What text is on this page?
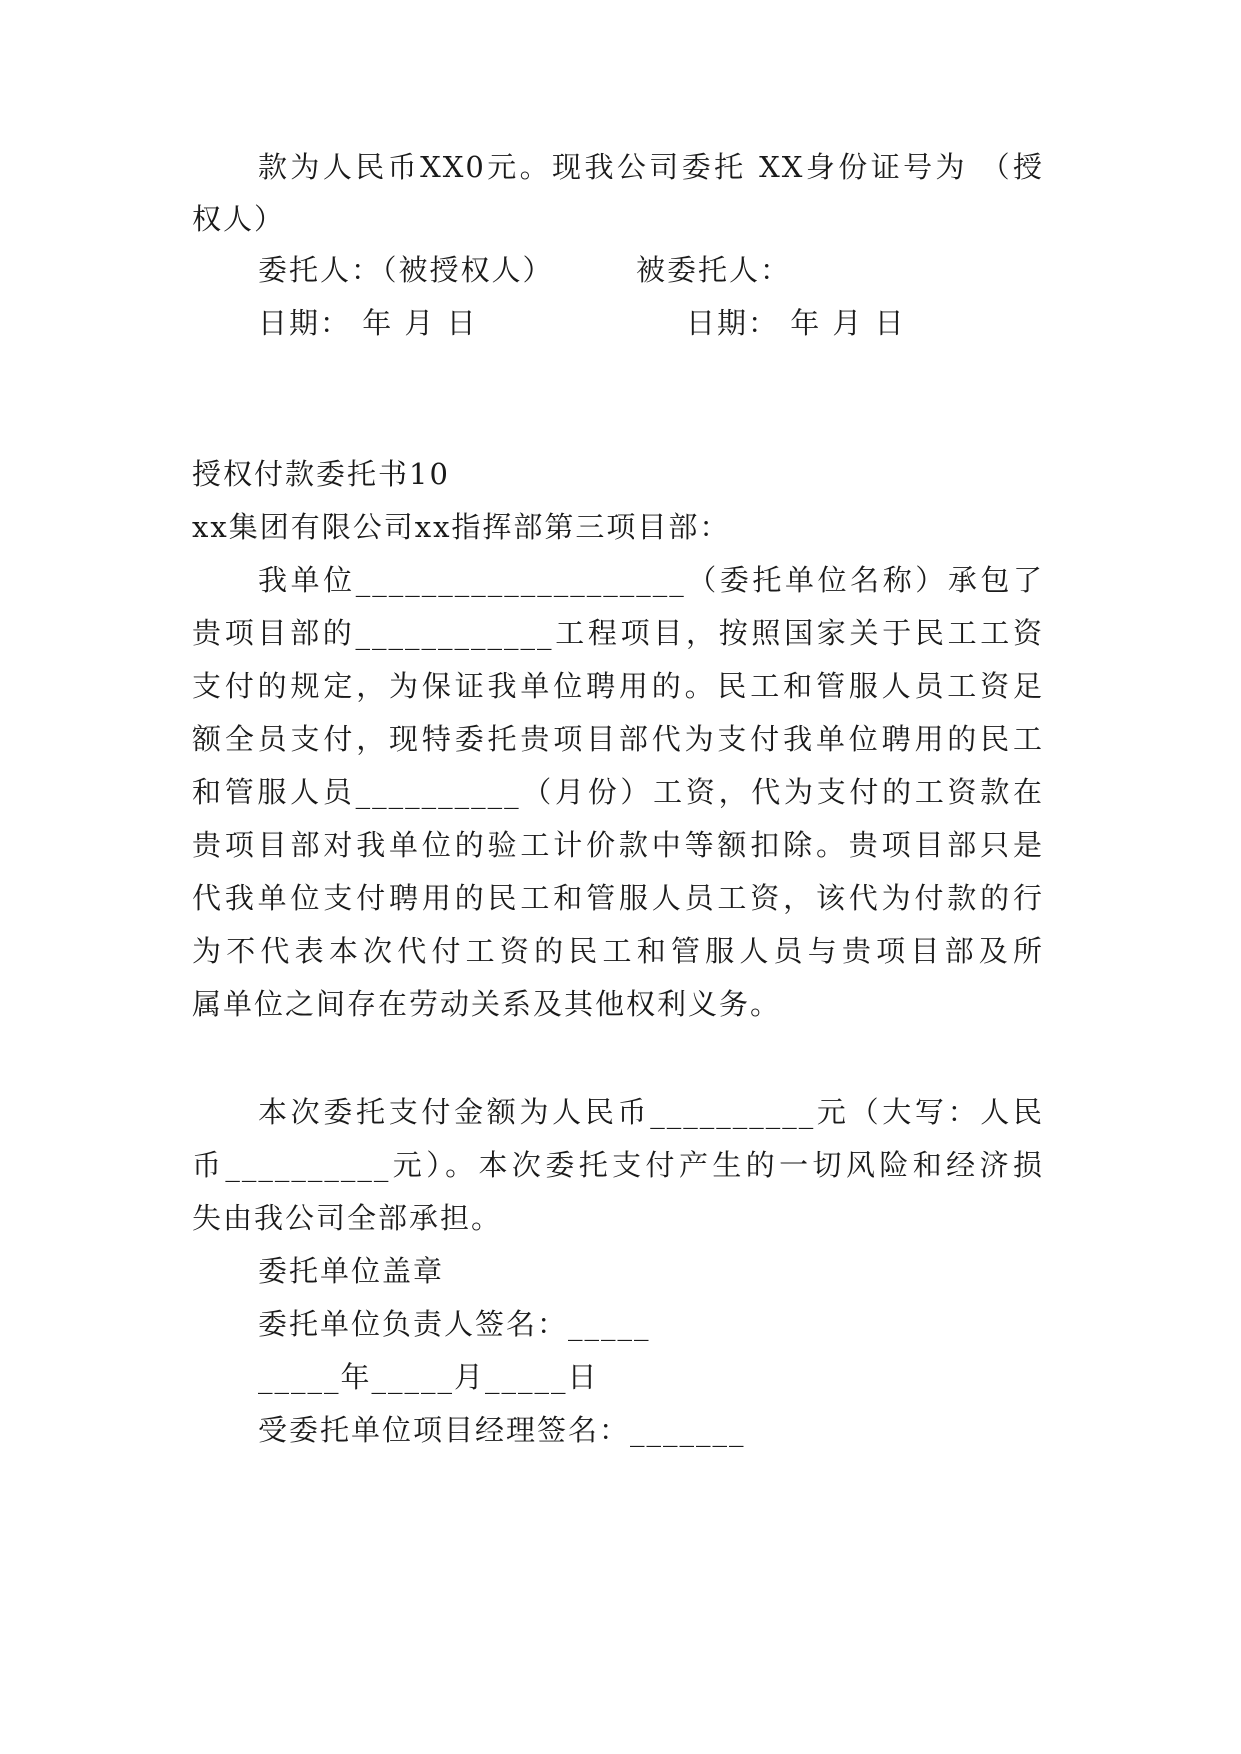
款为人民币XX0元。现我公司委托 XX身份证号为 （授
权人）
委托人：（被授权人）	被委托人：
日期： 年 月 日	日期： 年 月 日
授权付款委托书10
xx集团有限公司xx指挥部第三项目部：
我单位____________________（委托单位名称）承包了
贵项目部的____________工程项目，按照国家关于民工工资
支付的规定，为保证我单位聘用的。民工和管服人员工资足
额全员支付，现特委托贵项目部代为支付我单位聘用的民工
和管服人员__________（月份）工资，代为支付的工资款在
贵项目部对我单位的验工计价款中等额扣除。贵项目部只是
代我单位支付聘用的民工和管服人员工资，该代为付款的行
为不代表本次代付工资的民工和管服人员与贵项目部及所
属单位之间存在劳动关系及其他权利义务。
本次委托支付金额为人民币__________元（大写：人民
币__________元）。本次委托支付产生的一切风险和经济损
失由我公司全部承担。
委托单位盖章
委托单位负责人签名：_____
_____年_____月_____日
受委托单位项目经理签名：_______
